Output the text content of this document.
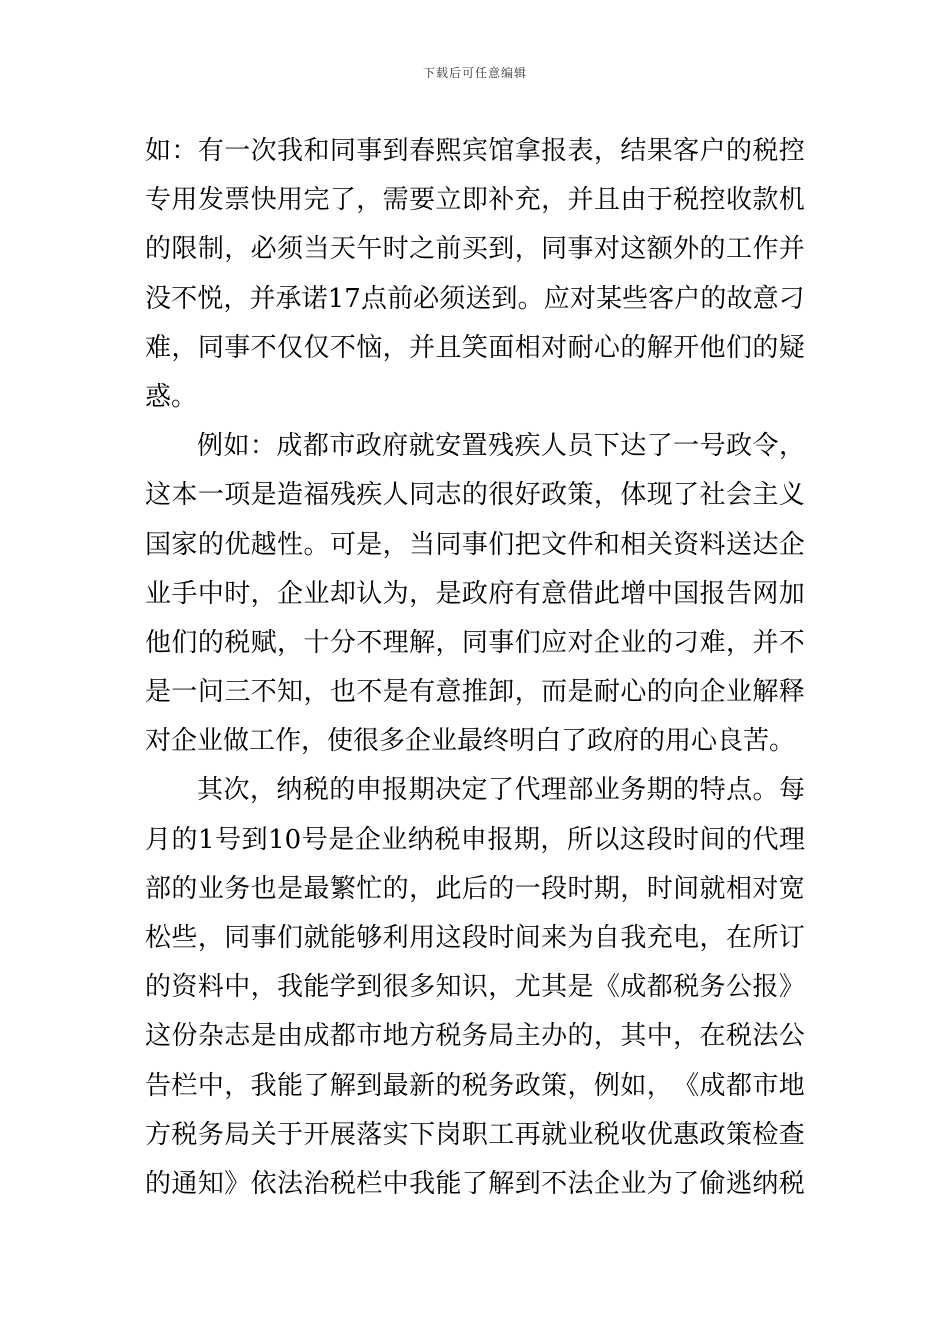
下载后可任意编辑
如 ： 有 一 次 我 和 同 事 到 春 熙 宾 馆 拿 报 表 ， 结 果 客 户 的 税 控
专 用 发 票 快 用 完 了 ， 需 要 立 即 补 充 ， 并 且 由 于 税 控 收 款 机
的 限 制 ， 必 须 当 天 午 时 之 前 买 到 ， 同 事 对 这 额 外 的 工 作 并
没 不 悦 ， 并 承 诺 17 点 前 必 须 送 到 。 应 对 某 些 客 户 的 故 意 刁
难 ， 同 事 不 仅 仅 不 恼 ， 并 且 笑 面 相 对 耐 心 的 解 开 他 们 的 疑
惑。
例 如 ： 成 都 市 政 府 就 安 置 残 疾 人 员 下 达 了 一 号 政 令 ，
这 本 一 项 是 造 福 残 疾 人 同 志 的 很 好 政 策 ， 体 现 了 社 会 主 义
国 家 的 优 越 性 。 可 是 ， 当 同 事 们 把 文 件 和 相 关 资 料 送 达 企
业 手 中 时 ， 企 业 却 认 为 ， 是 政 府 有 意 借 此 增 中 国 报 告 网 加
他 们 的 税 赋 ， 十 分 不 理 解 ， 同 事 们 应 对 企 业 的 刁 难 ， 并 不
是 一 问 三 不 知 ， 也 不 是 有 意 推 卸 ， 而 是 耐 心 的 向 企 业 解 释
对企业做工作，使很多企业最终明白了政府的用心良苦。
其 次 ， 纳 税 的 申 报 期 决 定 了 代 理 部 业 务 期 的 特 点 。 每
月 的 1 号 到 10 号 是 企 业 纳 税 申 报 期 ， 所 以 这 段 时 间 的 代 理
部 的 业 务 也 是 最 繁 忙 的 ， 此 后 的 一 段 时 期 ， 时 间 就 相 对 宽
松 些 ， 同 事 们 就 能 够 利 用 这 段 时 间 来 为 自 我 充 电 ， 在 所 订
的 资 料 中 ， 我 能 学 到 很 多 知 识 ， 尤 其 是 《 成 都 税 务 公 报 》
这 份 杂 志 是 由 成 都 市 地 方 税 务 局 主 办 的 ， 其 中 ， 在 税 法 公
告 栏 中 ， 我 能 了 解 到 最 新 的 税 务 政 策 ， 例 如 ， 《 成 都 市 地
方 税 务 局 关 于 开 展 落 实 下 岗 职 工 再 就 业 税 收 优 惠 政 策 检 查
的 通 知 》 依 法 治 税 栏 中 我 能 了 解 到 不 法 企 业 为 了 偷 逃 纳 税
